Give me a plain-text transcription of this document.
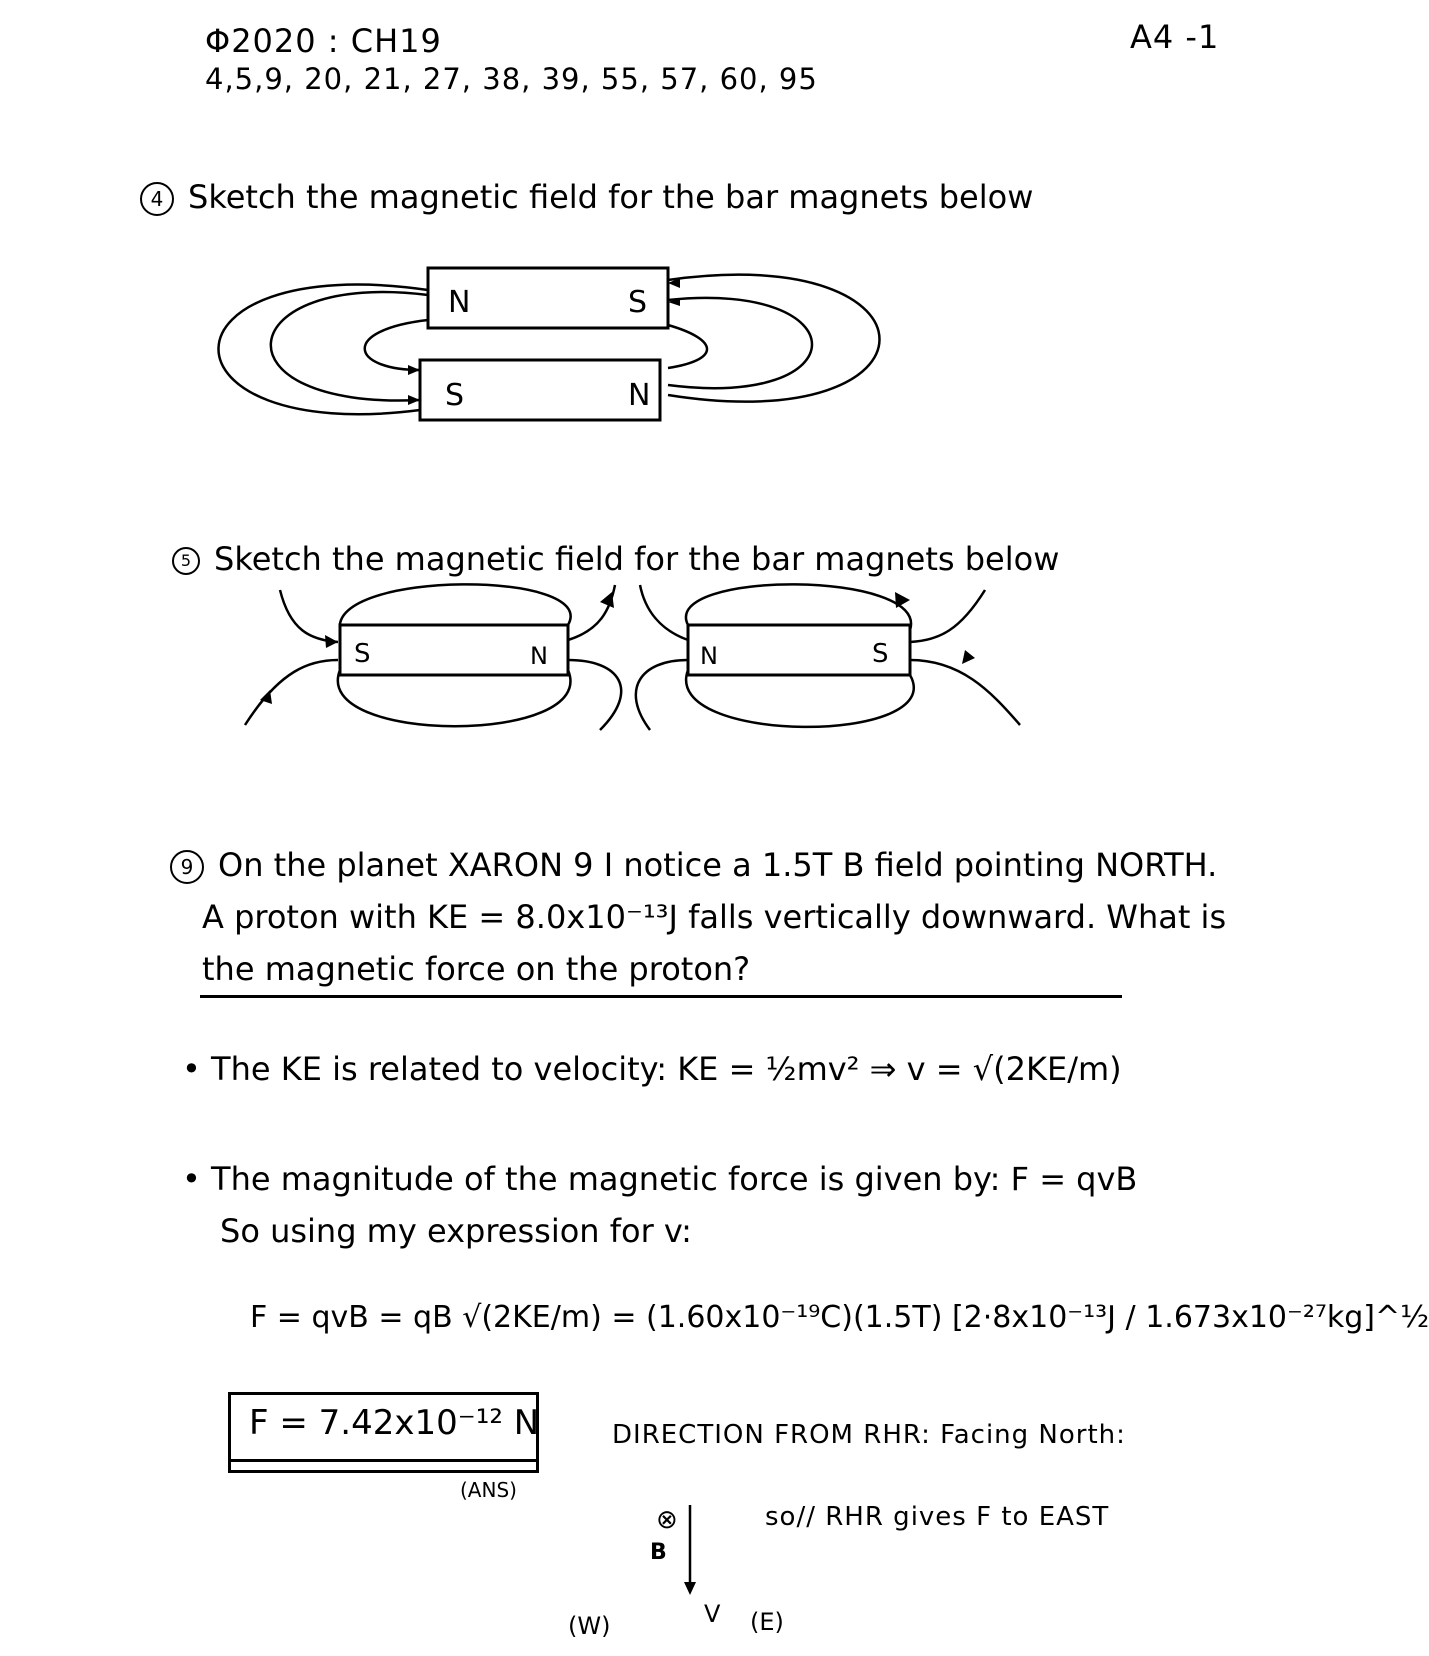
Φ2020 : CH19
4,5,9, 20, 21, 27, 38, 39, 55, 57, 60, 95
A4 -1
4 Sketch the magnetic field for the bar magnets below
N	S
S	N
5 Sketch the magnetic field for the bar magnets below
S	N	N	S
9 On the planet XARON 9 I notice a 1.5T B field pointing NORTH.
A proton with KE = 8.0x10⁻¹³J falls vertically downward. What is
the magnetic force on the proton?
• The KE is related to velocity: KE = ½mv² ⇒ v = √(2KE/m)
• The magnitude of the magnetic force is given by: F = qvB
So using my expression for v:
F = qvB = qB √(2KE/m) = (1.60x10⁻¹⁹C)(1.5T) [2·8x10⁻¹³J / 1.673x10⁻²⁷kg]^½
F = 7.42x10⁻¹² N
(ANS)
DIRECTION FROM RHR: Facing North:
so// RHR gives F to EAST
⊗
B
V
(W)	(E)
